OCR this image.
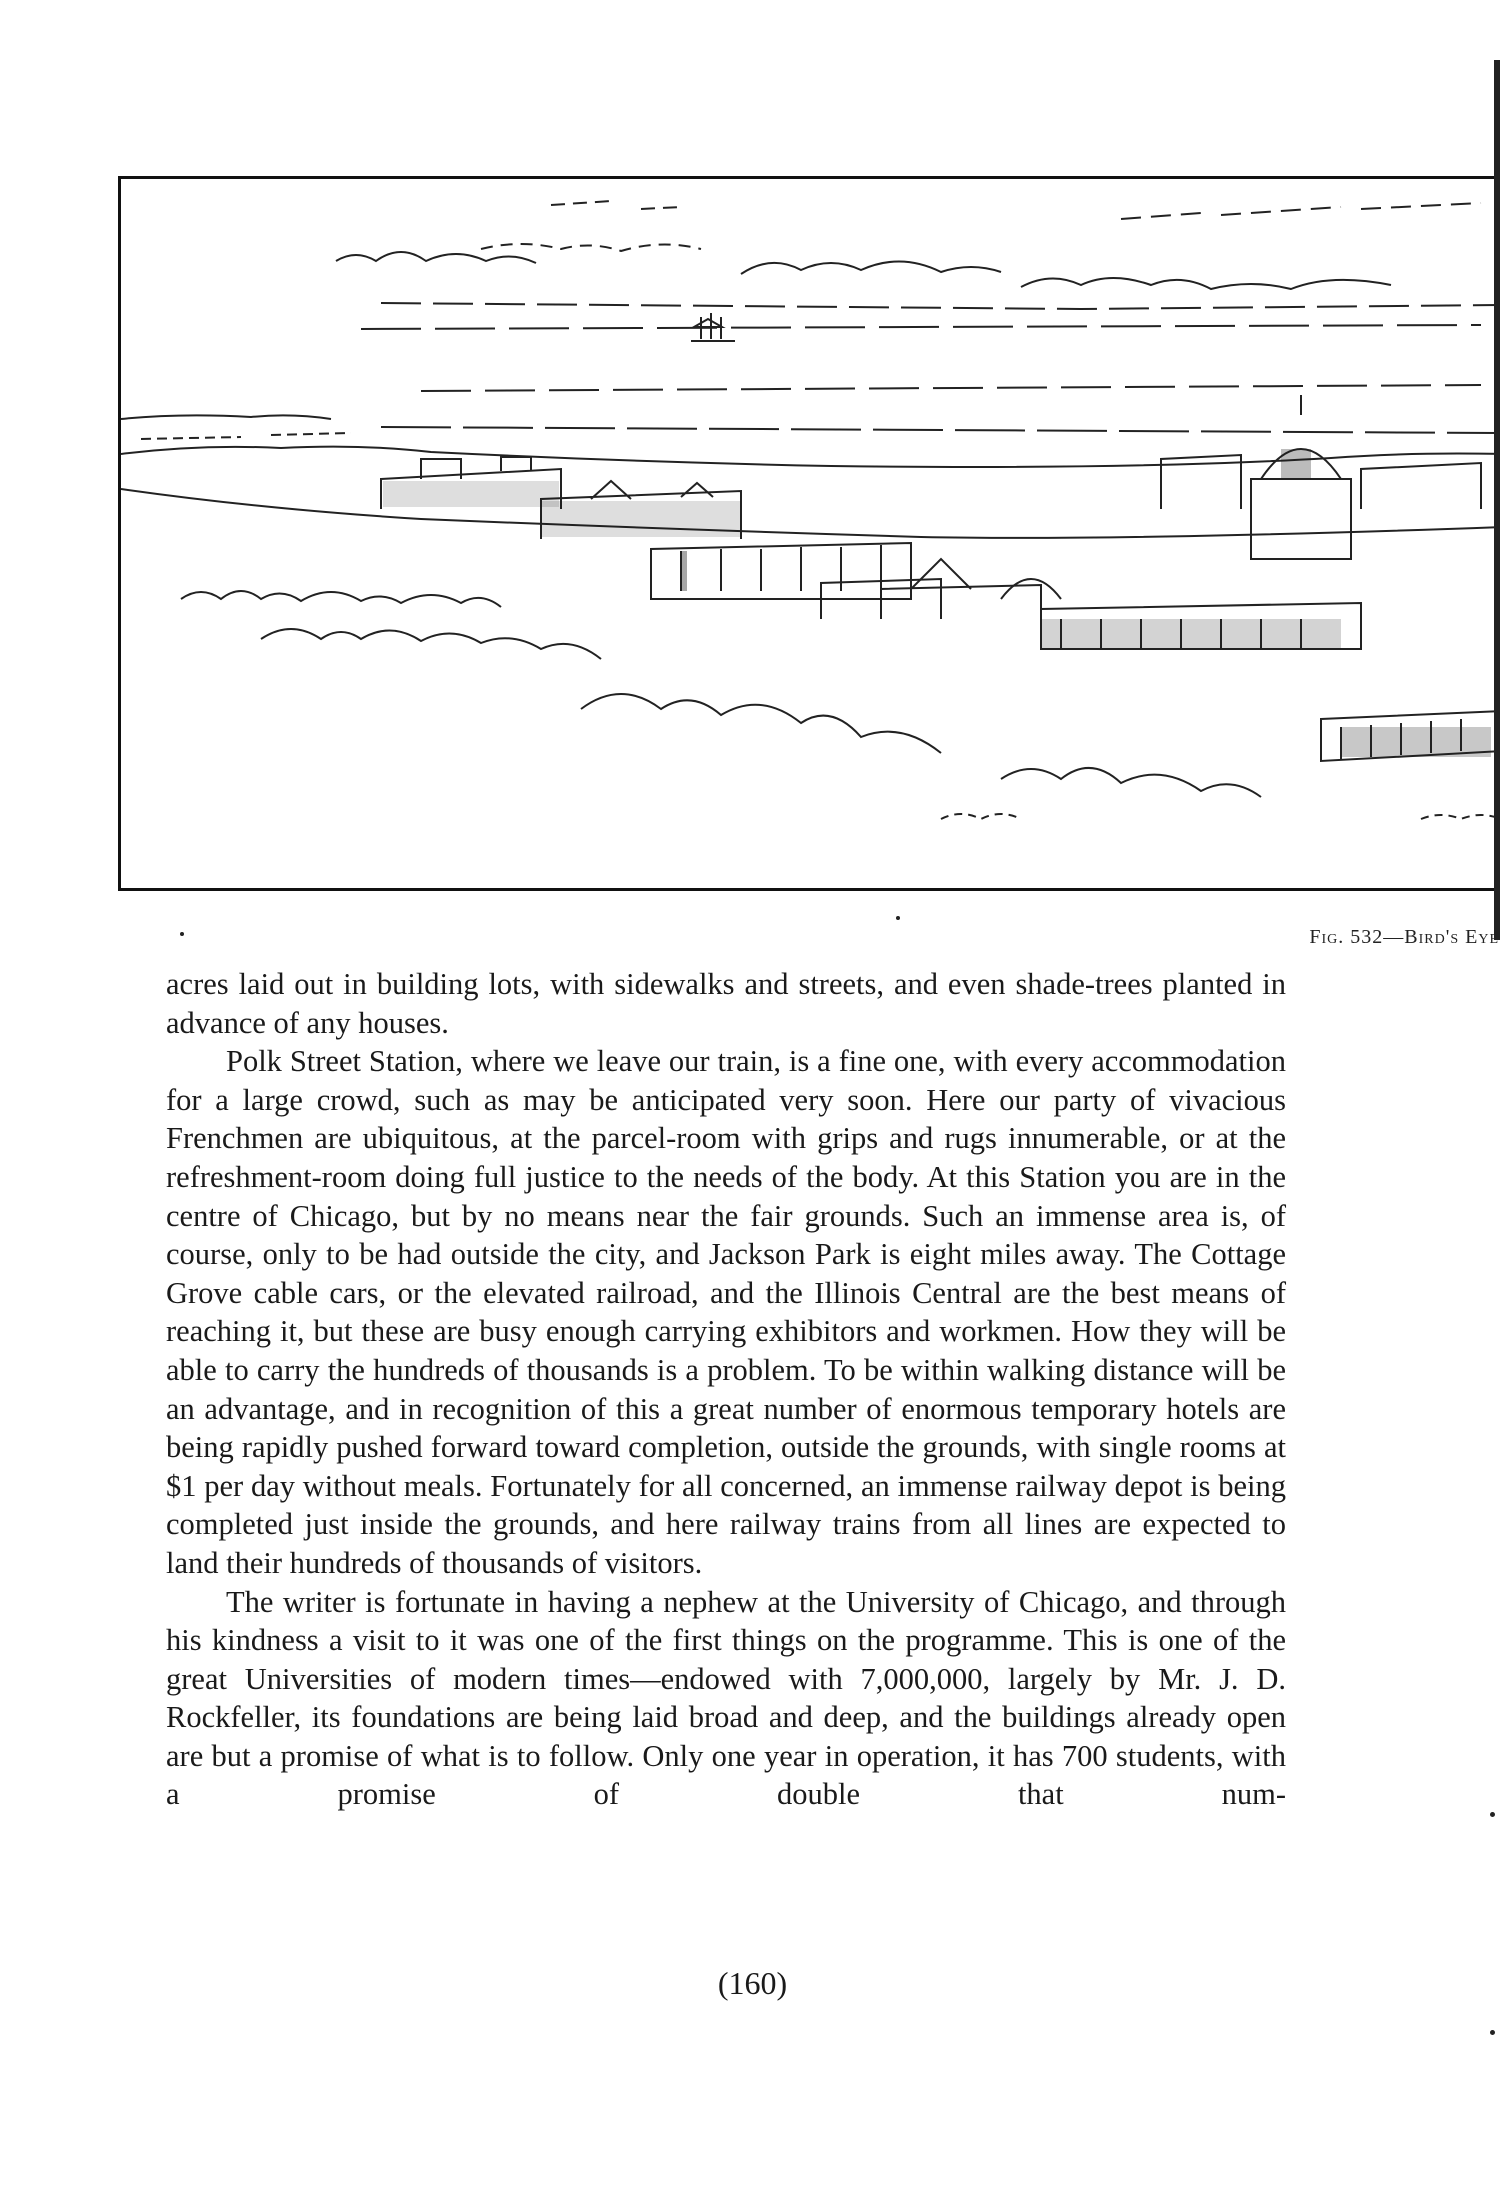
Fig. 532—Bird's Eye

acres laid out in building lots, with sidewalks and streets, and even shade-trees planted in advance of any houses.

Polk Street Station, where we leave our train, is a fine one, with every accommodation for a large crowd, such as may be anticipated very soon. Here our party of vivacious Frenchmen are ubiquitous, at the parcel-room with grips and rugs innumerable, or at the refreshment-room doing full justice to the needs of the body. At this Station you are in the centre of Chicago, but by no means near the fair grounds. Such an immense area is, of course, only to be had outside the city, and Jackson Park is eight miles away. The Cottage Grove cable cars, or the elevated railroad, and the Illinois Central are the best means of reaching it, but these are busy enough carrying exhibitors and workmen. How they will be able to carry the hundreds of thousands is a problem. To be within walking distance will be an advantage, and in recognition of this a great number of enormous temporary hotels are being rapidly pushed forward toward completion, outside the grounds, with single rooms at $1 per day without meals. Fortunately for all concerned, an immense railway depot is being completed just inside the grounds, and here railway trains from all lines are expected to land their hundreds of thousands of visitors.

The writer is fortunate in having a nephew at the University of Chicago, and through his kindness a visit to it was one of the first things on the programme. This is one of the great Universities of modern times—endowed with 7,000,000, largely by Mr. J. D. Rockfeller, its foundations are being laid broad and deep, and the buildings already open are but a promise of what is to follow. Only one year in operation, it has 700 students, with a promise of double that num-

(160)
